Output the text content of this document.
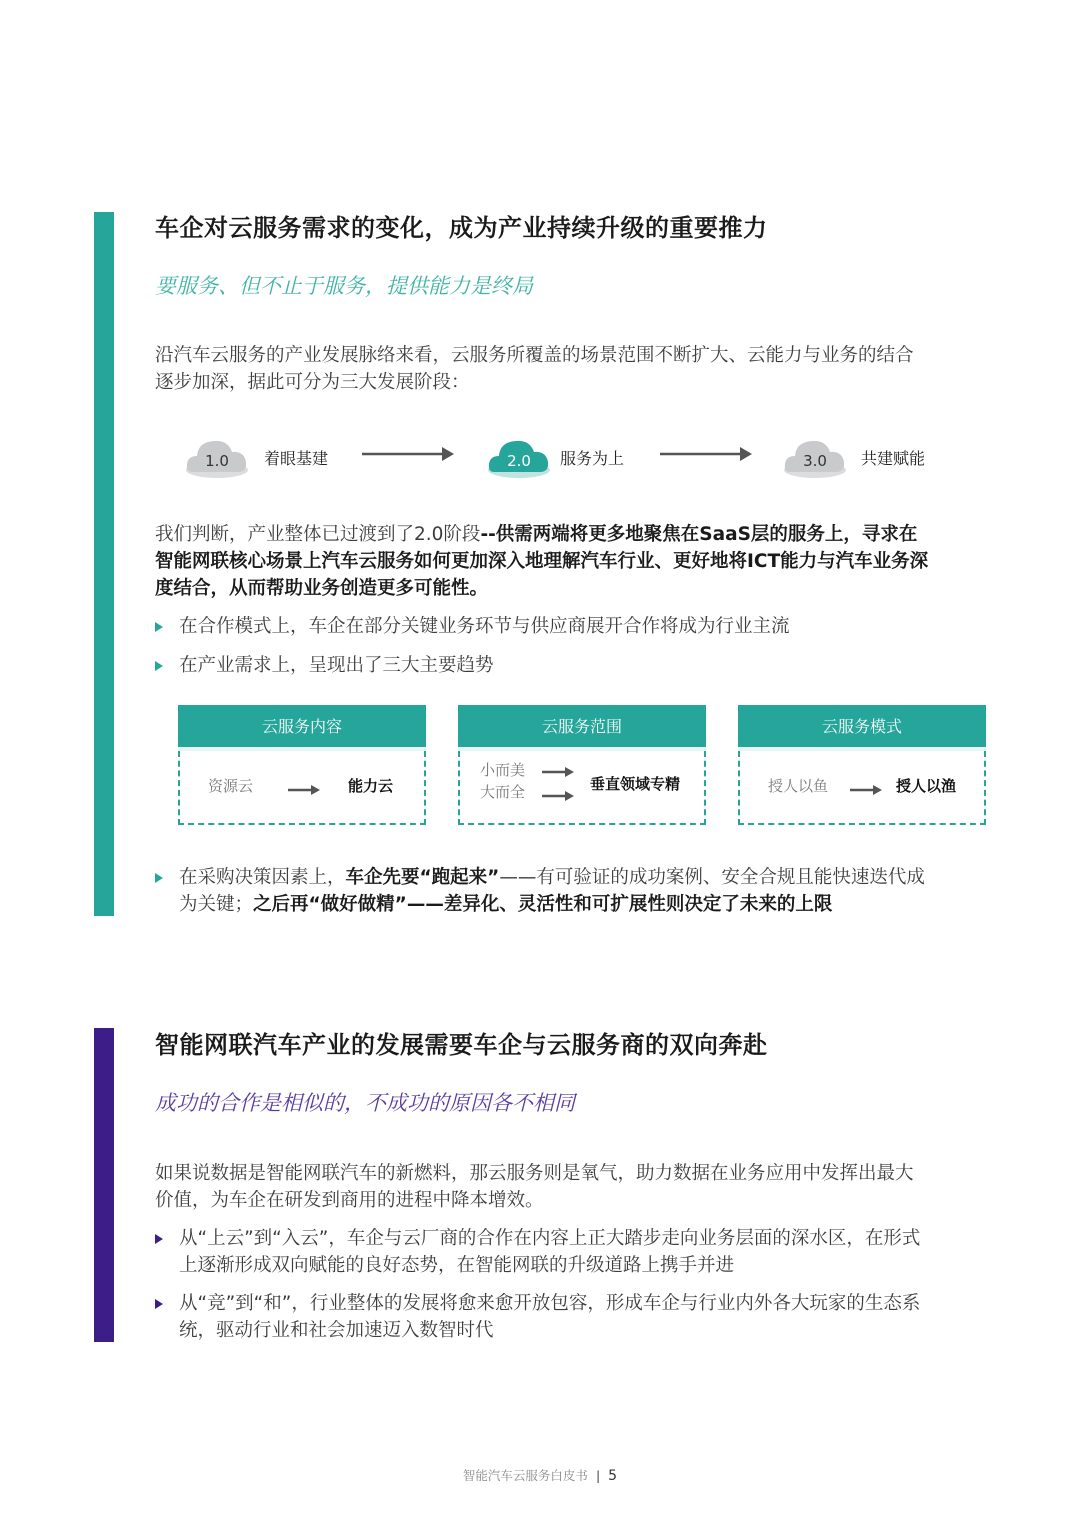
车企对云服务需求的变化，成为产业持续升级的重要推力
要服务、但不止于服务，提供能力是终局
沿汽车云服务的产业发展脉络来看，云服务所覆盖的场景范围不断扩大、云能力与业务的结合
逐步加深，据此可分为三大发展阶段：
1.0	着眼基建	2.0	服务为上	3.0	共建赋能
我们判断，产业整体已过渡到了2.0阶段--供需两端将更多地聚焦在SaaS层的服务上，寻求在
智能网联核心场景上汽车云服务如何更加深入地理解汽车行业、更好地将ICT能力与汽车业务深
度结合，从而帮助业务创造更多可能性。
在合作模式上，车企在部分关键业务环节与供应商展开合作将成为行业主流
在产业需求上，呈现出了三大主要趋势
云服务内容
资源云	能力云
云服务范围
小而美
大而全	垂直领域专精
云服务模式
授人以鱼	授人以渔
在采购决策因素上，车企先要“跑起来”——有可验证的成功案例、安全合规且能快速迭代成
为关键；之后再“做好做精”——差异化、灵活性和可扩展性则决定了未来的上限
智能网联汽车产业的发展需要车企与云服务商的双向奔赴
成功的合作是相似的，不成功的原因各不相同
如果说数据是智能网联汽车的新燃料，那云服务则是氧气，助力数据在业务应用中发挥出最大
价值，为车企在研发到商用的进程中降本增效。
从“上云”到“入云”，车企与云厂商的合作在内容上正大踏步走向业务层面的深水区，在形式
上逐渐形成双向赋能的良好态势，在智能网联的升级道路上携手并进
从“竞”到“和”，行业整体的发展将愈来愈开放包容，形成车企与行业内外各大玩家的生态系
统，驱动行业和社会加速迈入数智时代
智能汽车云服务白皮书 | 5
